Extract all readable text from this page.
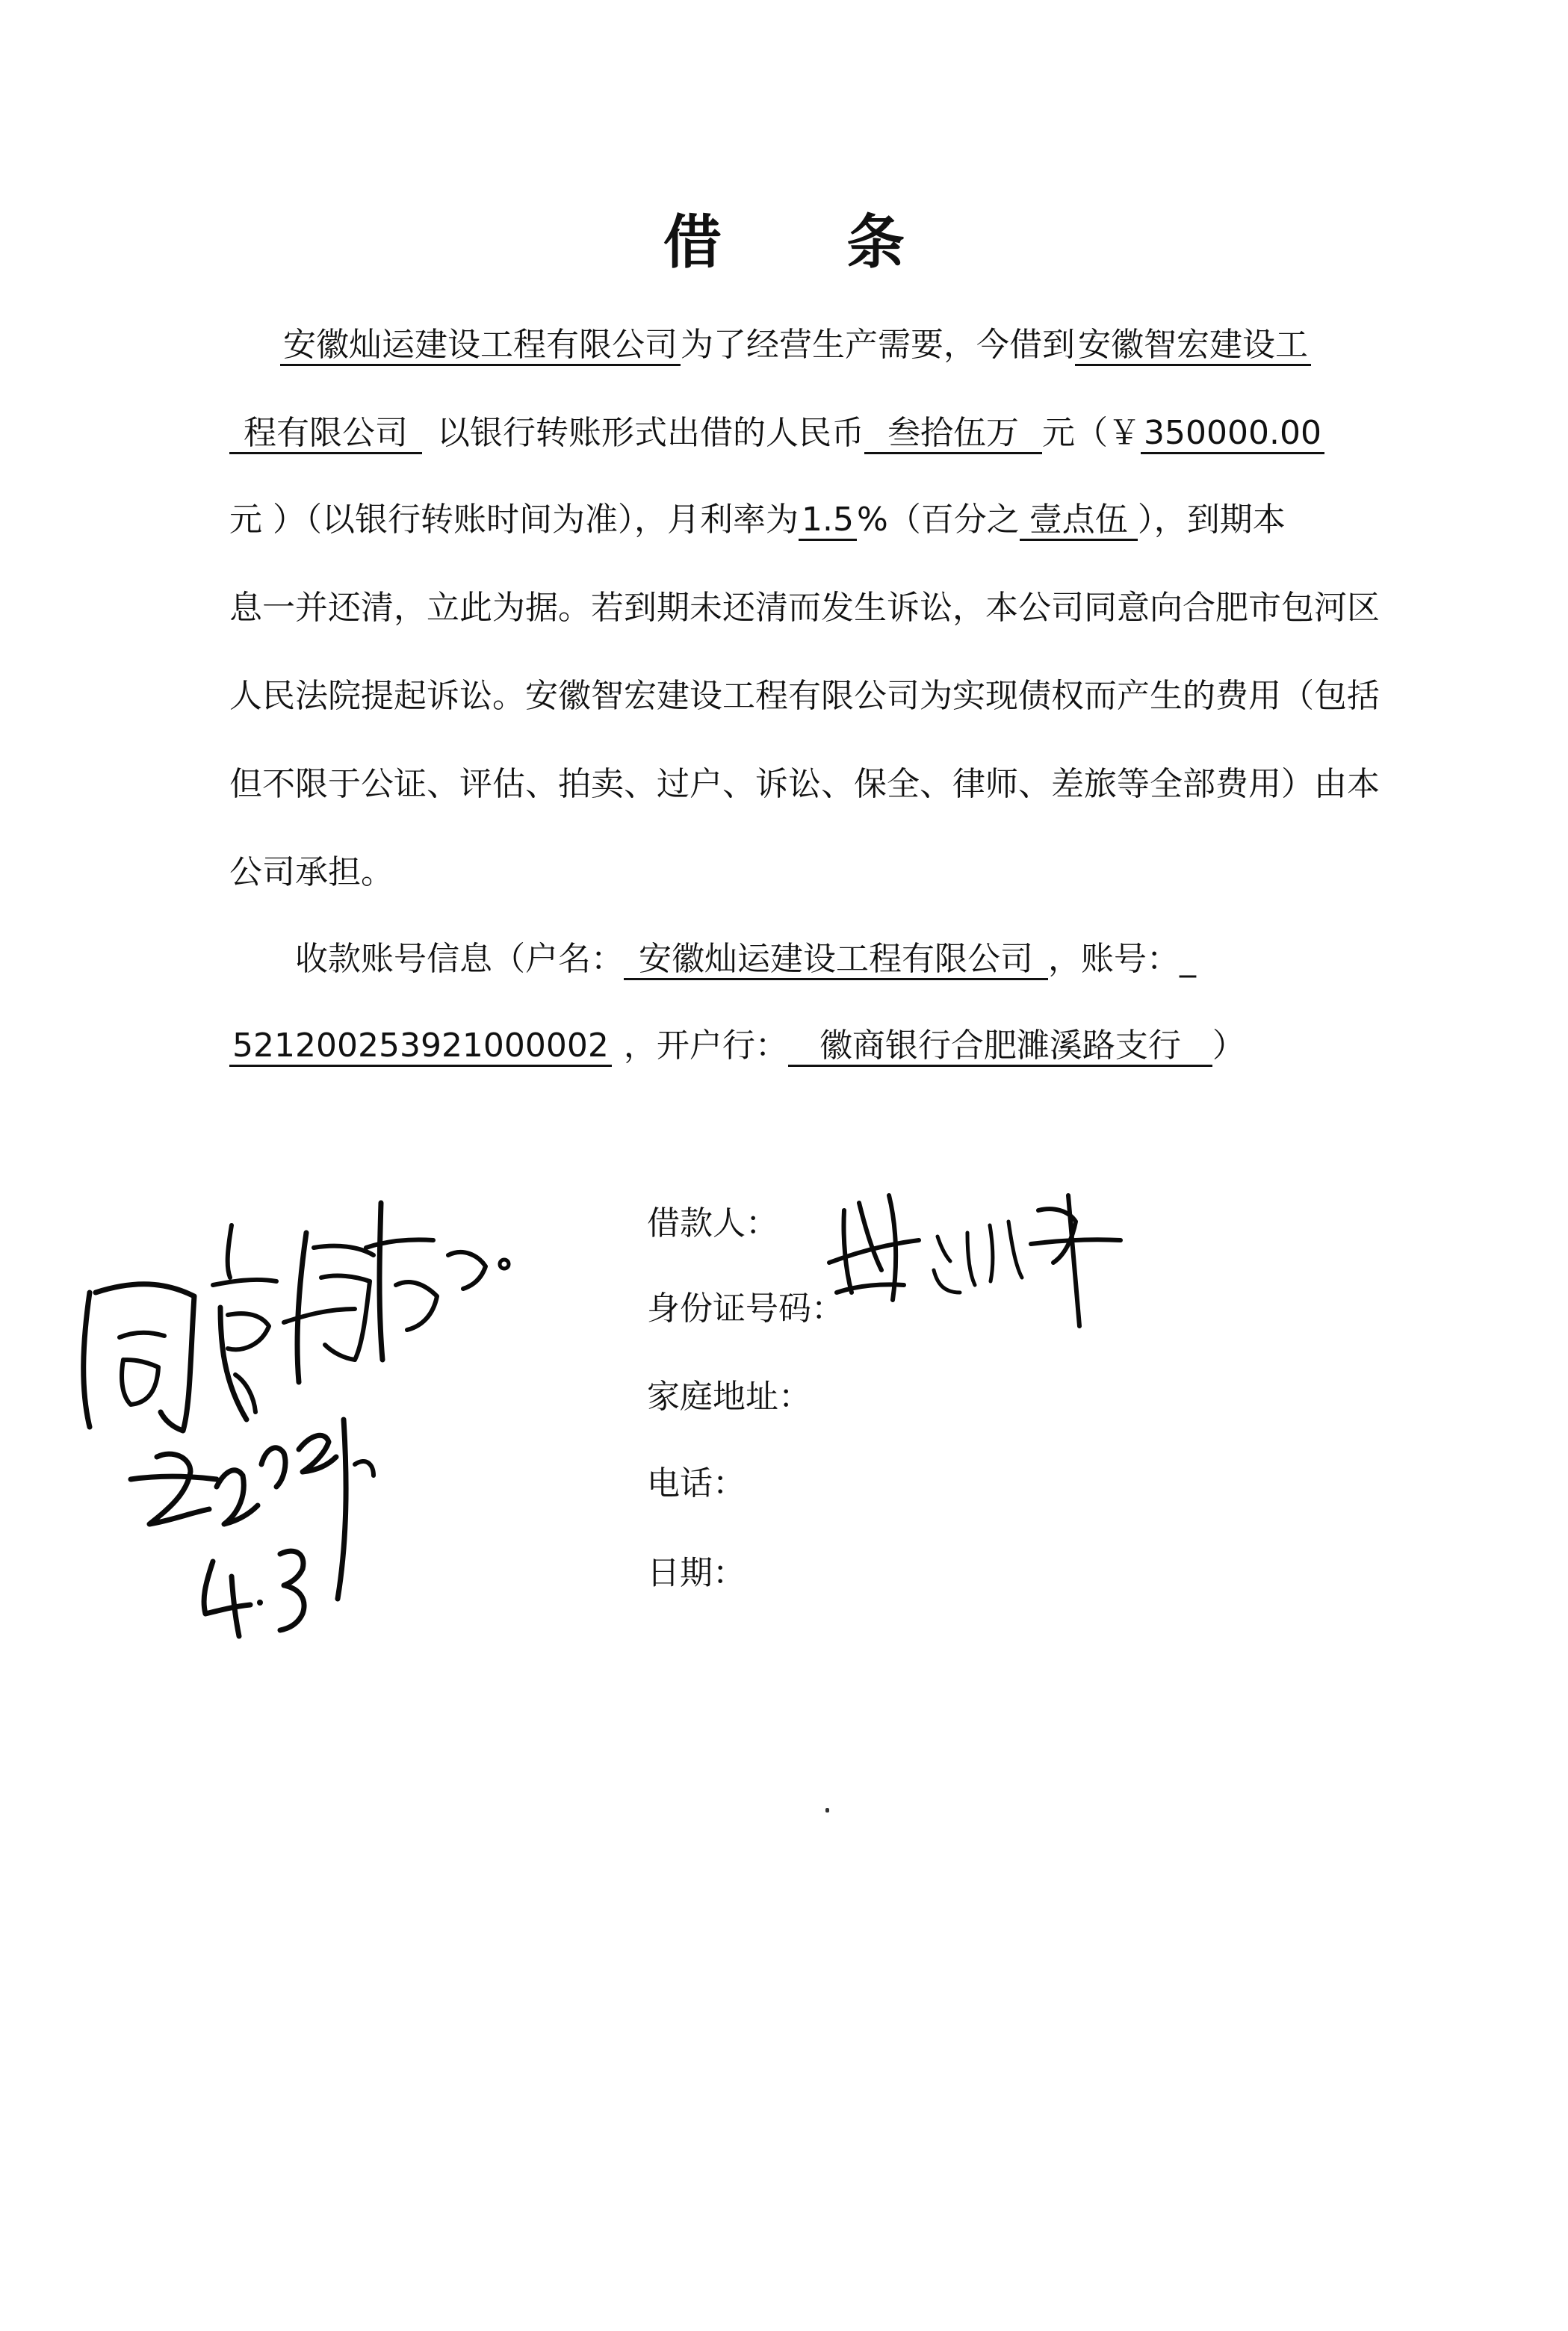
借 条
安徽灿运建设工程有限公司为了经营生产需要，今借到安徽智宏建设工
程有限公司 以银行转账形式出借的人民币 叁拾伍万 元（￥350000.00
元 ）（以银行转账时间为准），月利率为1.5%（百分之 壹点伍 ），到期本
息一并还清，立此为据。若到期未还清而发生诉讼，本公司同意向合肥市包河区
人民法院提起诉讼。安徽智宏建设工程有限公司为实现债权而产生的费用（包括
但不限于公证、评估、拍卖、过户、诉讼、保全、律师、差旅等全部费用）由本
公司承担。
收款账号信息（户名： 安徽灿运建设工程有限公司 ，账号：_
521200253921000002 ，开户行： 徽商银行合肥濉溪路支行 ）
借款人：
身份证号码：
家庭地址：
电话：
日期：
